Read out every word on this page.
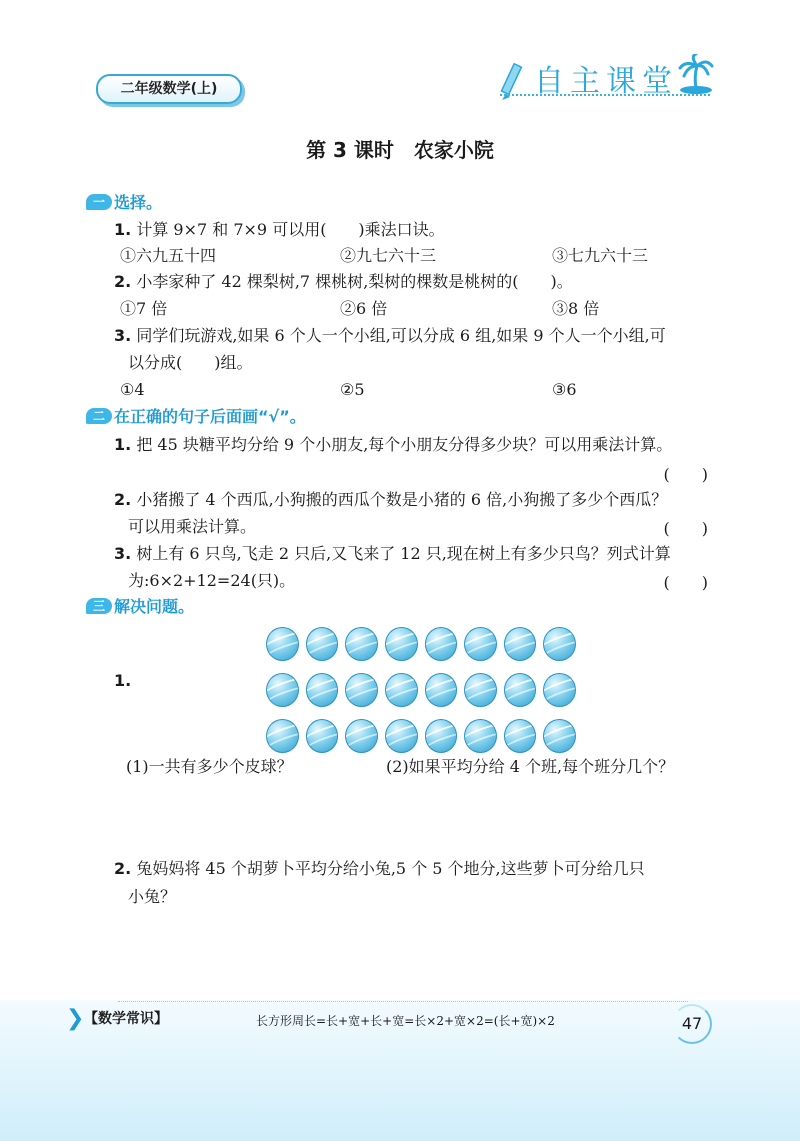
二年级数学(上)	自主课堂
第 3 课时　农家小院
一 选择。
1. 计算 9×7 和 7×9 可以用(　　)乘法口诀。
①六九五十四	②九七六十三	③七九六十三
2. 小李家种了 42 棵梨树,7 棵桃树,梨树的棵数是桃树的(　　)。
①7 倍	②6 倍	③8 倍
3. 同学们玩游戏,如果 6 个人一个小组,可以分成 6 组,如果 9 个人一个小组,可
以分成(　　)组。
①4	②5	③6
二 在正确的句子后面画“√”。
1. 把 45 块糖平均分给 9 个小朋友,每个小朋友分得多少块？可以用乘法计算。
(　　)
2. 小猪搬了 4 个西瓜,小狗搬的西瓜个数是小猪的 6 倍,小狗搬了多少个西瓜？
可以用乘法计算。	(　　)
3. 树上有 6 只鸟,飞走 2 只后,又飞来了 12 只,现在树上有多少只鸟？列式计算
为:6×2+12=24(只)。	(　　)
三 解决问题。
1.
(1)一共有多少个皮球？	(2)如果平均分给 4 个班,每个班分几个？
2. 兔妈妈将 45 个胡萝卜平均分给小兔,5 个 5 个地分,这些萝卜可分给几只
小兔？
❯ 【数学常识】	长方形周长=长+宽+长+宽=长×2+宽×2=(长+宽)×2	47
